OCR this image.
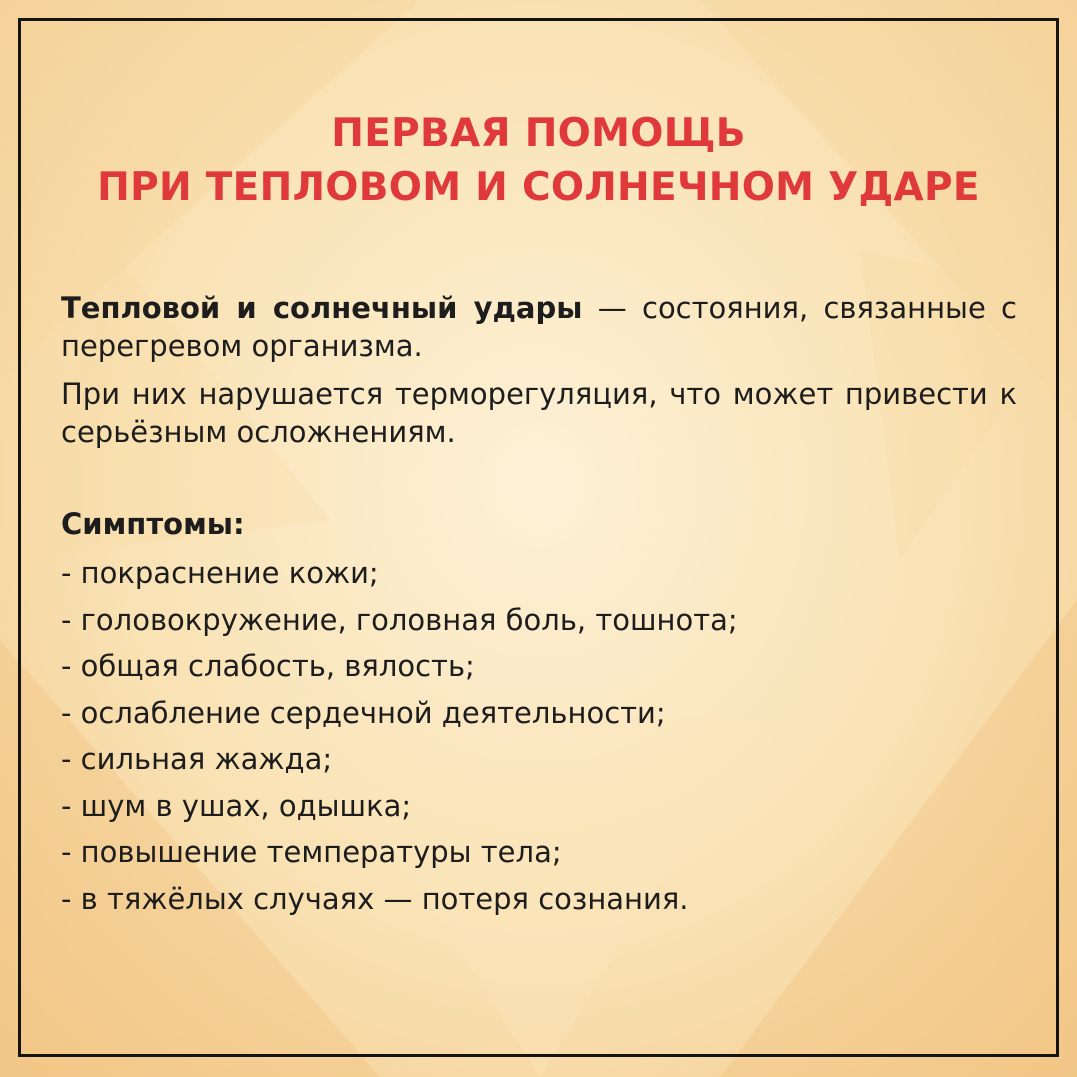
ПЕРВАЯ ПОМОЩЬ
ПРИ ТЕПЛОВОМ И СОЛНЕЧНОМ УДАРЕ
Тепловой и солнечный удары — состояния, связанные с перегревом организма.
При них нарушается терморегуляция, что может привести к серьёзным осложнениям.
Симптомы:
- покраснение кожи;
- головокружение, головная боль, тошнота;
- общая слабость, вялость;
- ослабление сердечной деятельности;
- сильная жажда;
- шум в ушах, одышка;
- повышение температуры тела;
- в тяжёлых случаях — потеря сознания.
